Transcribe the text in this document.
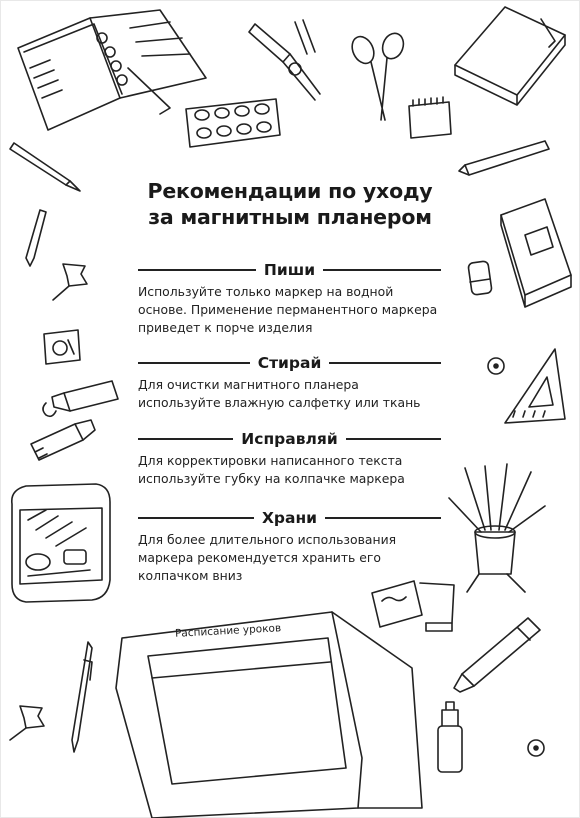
Расписание уроков
Рекомендации по уходу
за магнитным планером
Пиши
Используйте только маркер на водной основе. Применение перманентного маркера приведет к порче изделия
Стирай
Для очистки магнитного планера используйте влажную салфетку или ткань
Исправляй
Для корректировки написанного текста используйте губку на колпачке маркера
Храни
Для более длительного использования маркера рекомендуется хранить его колпачком вниз
